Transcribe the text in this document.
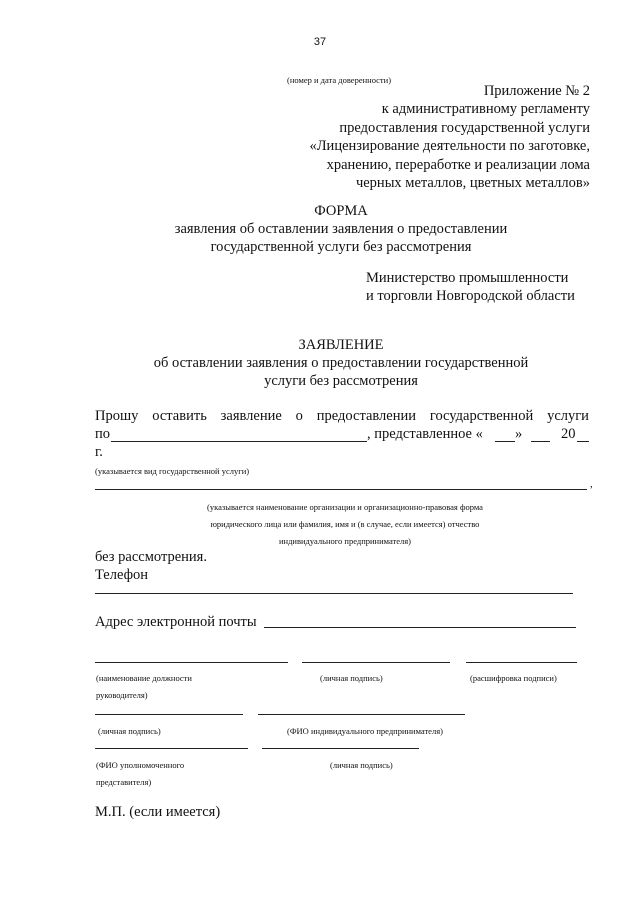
37
(номер и дата доверенности)
Приложение № 2
к административному регламенту
предоставления государственной услуги
«Лицензирование деятельности по заготовке,
хранению, переработке и реализации лома
черных металлов, цветных металлов»
ФОРМА
заявления об оставлении заявления о предоставлении
государственной услуги без рассмотрения
Министерство промышленности
и торговли Новгородской области
ЗАЯВЛЕНИЕ
об оставлении заявления о предоставлении государственной
услуги без рассмотрения
Прошу оставить заявление о предоставлении государственной услуги
по	, представленное « »	20
г.
(указывается вид государственной услуги)
,
(указывается наименование организации и организационно-правовая форма
юридического лица или фамилия, имя и (в случае, если имеется) отчество
индивидуального предпринимателя)
без рассмотрения.
Телефон
Адрес электронной почты
(наименование должности
руководителя)
(личная подпись)	(расшифровка подписи)
(личная подпись)	(ФИО индивидуального предпринимателя)
(ФИО уполномоченного
представителя)
(личная подпись)
М.П. (если имеется)
